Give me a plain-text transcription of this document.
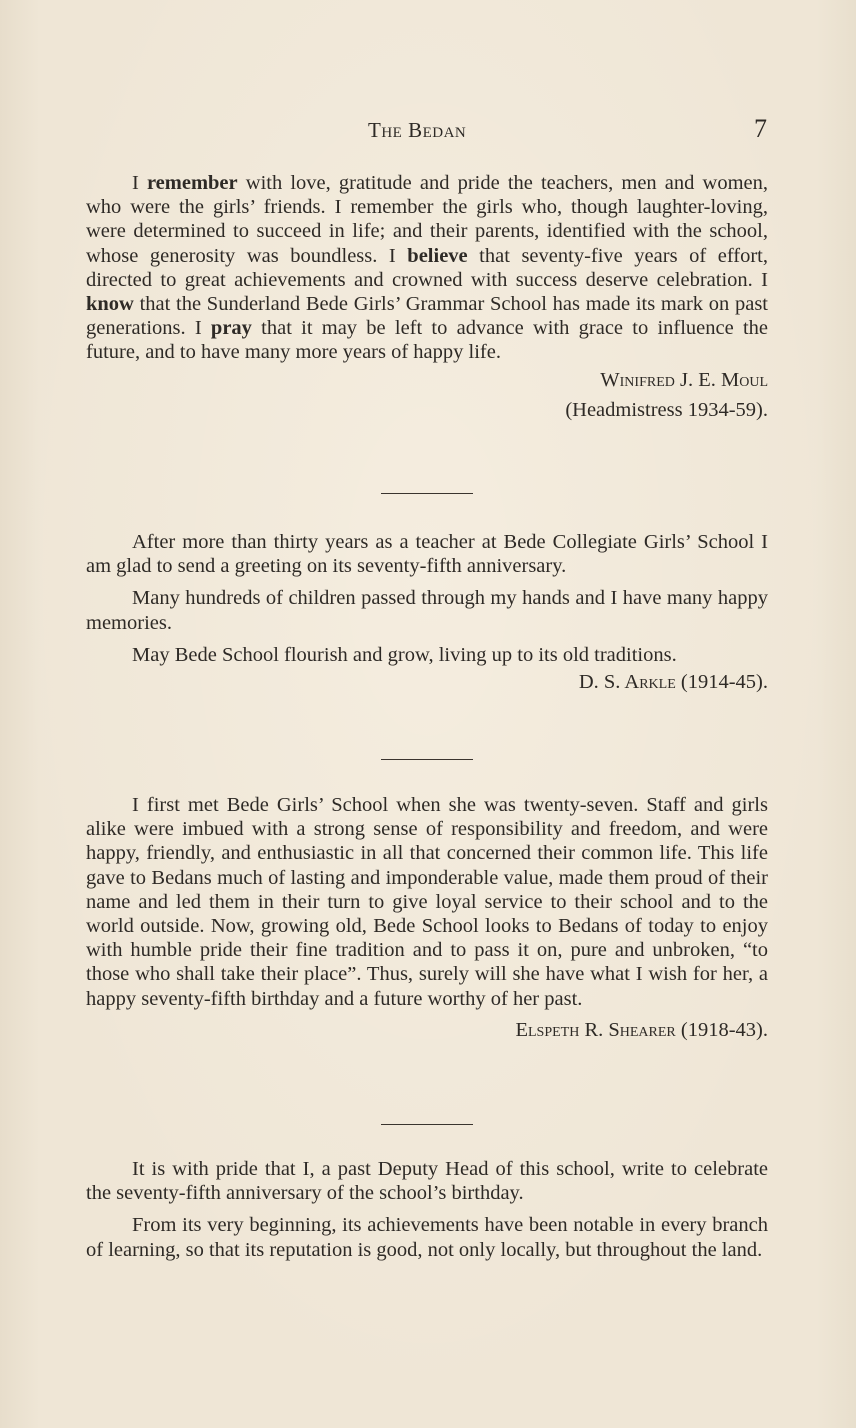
The Bedan	7

I remember with love, gratitude and pride the teachers, men and women, who were the girls’ friends. I remember the girls who, though laughter-loving, were determined to succeed in life; and their parents, identified with the school, whose generosity was boundless. I believe that seventy-five years of effort, directed to great achievements and crowned with success deserve celebration. I know that the Sunderland Bede Girls’ Grammar School has made its mark on past generations. I pray that it may be left to advance with grace to influence the future, and to have many more years of happy life.

Winifred J. E. Moul
(Headmistress 1934-59).

After more than thirty years as a teacher at Bede Collegiate Girls’ School I am glad to send a greeting on its seventy-fifth anniversary.

Many hundreds of children passed through my hands and I have many happy memories.

May Bede School flourish and grow, living up to its old traditions.

D. S. Arkle (1914-45).

I first met Bede Girls’ School when she was twenty-seven. Staff and girls alike were imbued with a strong sense of responsibility and freedom, and were happy, friendly, and enthusiastic in all that concerned their common life. This life gave to Bedans much of lasting and imponderable value, made them proud of their name and led them in their turn to give loyal service to their school and to the world outside. Now, growing old, Bede School looks to Bedans of today to enjoy with humble pride their fine tradition and to pass it on, pure and unbroken, “to those who shall take their place”. Thus, surely will she have what I wish for her, a happy seventy-fifth birthday and a future worthy of her past.

Elspeth R. Shearer (1918-43).

It is with pride that I, a past Deputy Head of this school, write to celebrate the seventy-fifth anniversary of the school’s birthday.

From its very beginning, its achievements have been notable in every branch of learning, so that its reputation is good, not only locally, but throughout the land.
